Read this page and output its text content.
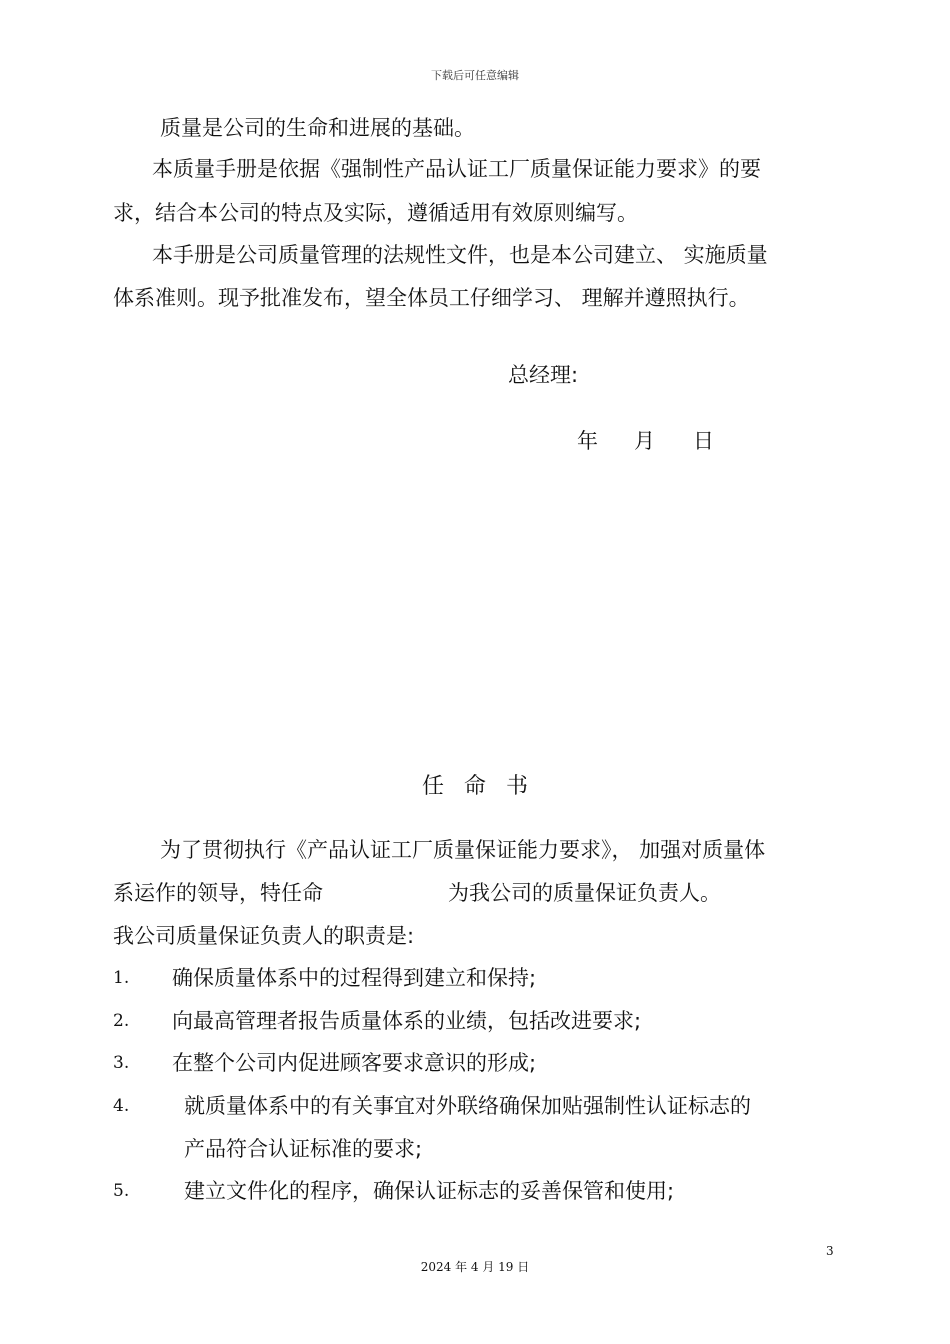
下载后可任意编辑
质量是公司的生命和进展的基础。
本质量手册是依据《强制性产品认证工厂质量保证能力要求》的要
求，结合本公司的特点及实际，遵循适用有效原则编写。
本手册是公司质量管理的法规性文件，也是本公司建立、 实施质量
体系准则。现予批准发布，望全体员工仔细学习、 理解并遵照执行。
总经理:
年 月 日
任命书
为了贯彻执行《产品认证工厂质量保证能力要求》， 加强对质量体
系运作的领导，特任命	为我公司的质量保证负责人。
我公司质量保证负责人的职责是:
1. 确保质量体系中的过程得到建立和保持;
2. 向最高管理者报告质量体系的业绩，包括改进要求;
3. 在整个公司内促进顾客要求意识的形成;
4.	就质量体系中的有关事宜对外联络确保加贴强制性认证标志的
产品符合认证标准的要求;
5.	建立文件化的程序，确保认证标志的妥善保管和使用;
3
2024 年 4 月 19 日
